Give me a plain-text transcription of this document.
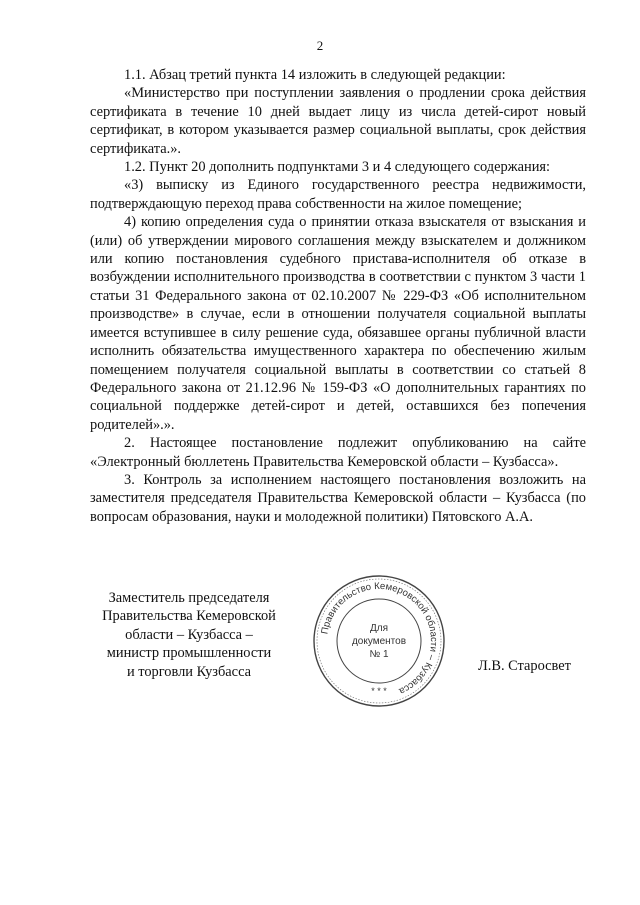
2

1.1. Абзац третий пункта 14 изложить в следующей редакции:

«Министерство при поступлении заявления о продлении срока действия сертификата в течение 10 дней выдает лицу из числа детей-сирот новый сертификат, в котором указывается размер социальной выплаты, срок действия сертификата.».

1.2. Пункт 20 дополнить подпунктами 3 и 4 следующего содержания:

«3) выписку из Единого государственного реестра недвижимости, подтверждающую переход права собственности на жилое помещение;

4) копию определения суда о принятии отказа взыскателя от взыскания и (или) об утверждении мирового соглашения между взыскателем и должником или копию постановления судебного пристава-исполнителя об отказе в возбуждении исполнительного производства в соответствии с пунктом 3 части 1 статьи 31 Федерального закона от 02.10.2007 № 229-ФЗ «Об исполнительном производстве» в случае, если в отношении получателя социальной выплаты имеется вступившее в силу решение суда, обязавшее органы публичной власти исполнить обязательства имущественного характера по обеспечению жилым помещением получателя социальной выплаты в соответствии со статьей 8 Федерального закона от 21.12.96 № 159-ФЗ «О дополнительных гарантиях по социальной поддержке детей-сирот и детей, оставшихся без попечения родителей».».

2. Настоящее постановление подлежит опубликованию на сайте «Электронный бюллетень Правительства Кемеровской области – Кузбасса».

3. Контроль за исполнением настоящего постановления возложить на заместителя председателя Правительства Кемеровской области – Кузбасса (по вопросам образования, науки и молодежной политики) Пятовского А.А.

Заместитель председателя
Правительства Кемеровской
области – Кузбасса –
министр промышленности
и торговли Кузбасса
Правительство Кемеровской области – Кузбасса
* * *
Для
документов
№ 1
Л.В. Старосвет
